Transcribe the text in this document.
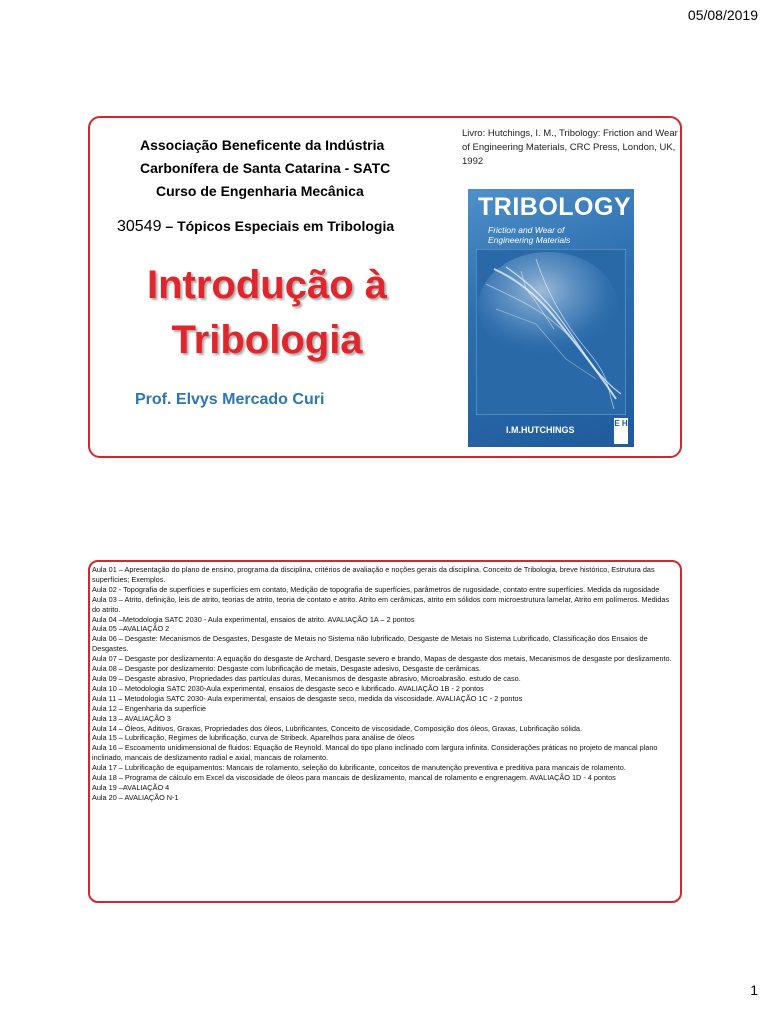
05/08/2019
Associação Beneficente da Indústria
Carbonífera de Santa Catarina - SATC
Curso de Engenharia Mecânica
30549 – Tópicos Especiais em Tribologia
Introdução à
Tribologia
Prof. Elvys Mercado Curi
Livro: Hutchings, I. M., Tribology: Friction and Wear of Engineering Materials, CRC Press, London, UK, 1992
TRIBOLOGY
Friction and Wear of
Engineering Materials
I.M.HUTCHINGS
E H

Aula 01 – Apresentação do plano de ensino, programa da disciplina, critérios de avaliação e noções gerais da disciplina. Conceito de Tribologia, breve histórico, Estrutura das superfícies; Exemplos.

Aula 02 - Topografia de superfícies e superfícies em contato, Medição de topografia de superfícies, parâmetros de rugosidade, contato entre superfícies. Medida da rugosidade

Aula 03 – Atrito, definição, leis de atrito, teorias de atrito, teoria de contato e atrito. Atrito em cerâmicas, atrito em sólidos com microestrutura lamelar, Atrito em polímeros. Medidas do atrito.

Aula 04 –Metodologia SATC 2030 - Aula experimental, ensaios de atrito. AVALIAÇÃO 1A – 2 pontos

Aula 05 –AVALIAÇÃO 2

Aula 06 – Desgaste: Mecanismos de Desgastes, Desgaste de Metais no Sistema não lubrificado, Desgaste de Metais no Sistema Lubrificado, Classificação dos Ensaios de Desgastes.

Aula 07 – Desgaste por deslizamento: A equação do desgaste de Archard, Desgaste severo e brando, Mapas de desgaste dos metais, Mecanismos de desgaste por deslizamento.

Aula 08 – Desgaste por deslizamento: Desgaste com lubrificação de metais, Desgaste adesivo, Desgaste de cerâmicas.

Aula 09 – Desgaste abrasivo, Propriedades das partículas duras, Mecanismos de desgaste abrasivo, Microabrasão. estudo de caso.

Aula 10 – Metodologia SATC 2030-Aula experimental, ensaios de desgaste seco e lubrificado. AVALIAÇÃO 1B - 2 pontos

Aula 11 – Metodologia SATC 2030- Aula experimental, ensaios de desgaste seco, medida da viscosidade. AVALIAÇÃO 1C - 2 pontos

Aula 12 – Engenharia da superfície

Aula 13 – AVALIAÇÃO 3

Aula 14 – Óleos, Aditivos, Graxas, Propriedades dos óleos, Lubrificantes, Conceito de viscosidade, Composição dos óleos, Graxas, Lubrificação sólida.

Aula 15 – Lubrificação, Regimes de lubrificação, curva de Stribeck. Aparelhos para análise de óleos

Aula 16 – Escoamento unidimensional de fluidos: Equação de Reynold. Mancal do tipo plano inclinado com largura infinita. Considerações práticas no projeto de mancal plano inclinado, mancais de deslizamento radial e axial, mancais de rolamento.

Aula 17 – Lubrificação de equipamentos: Mancais de rolamento, seleção do lubrificante, conceitos de manutenção preventiva e preditiva para mancais de rolamento.

Aula 18 – Programa de cálculo em Excel da viscosidade de óleos para mancais de deslizamento, mancal de rolamento e engrenagem. AVALIAÇÃO 1D - 4 pontos

Aula 19 –AVALIAÇÃO 4

Aula 20 – AVALIAÇÃO N-1

1
